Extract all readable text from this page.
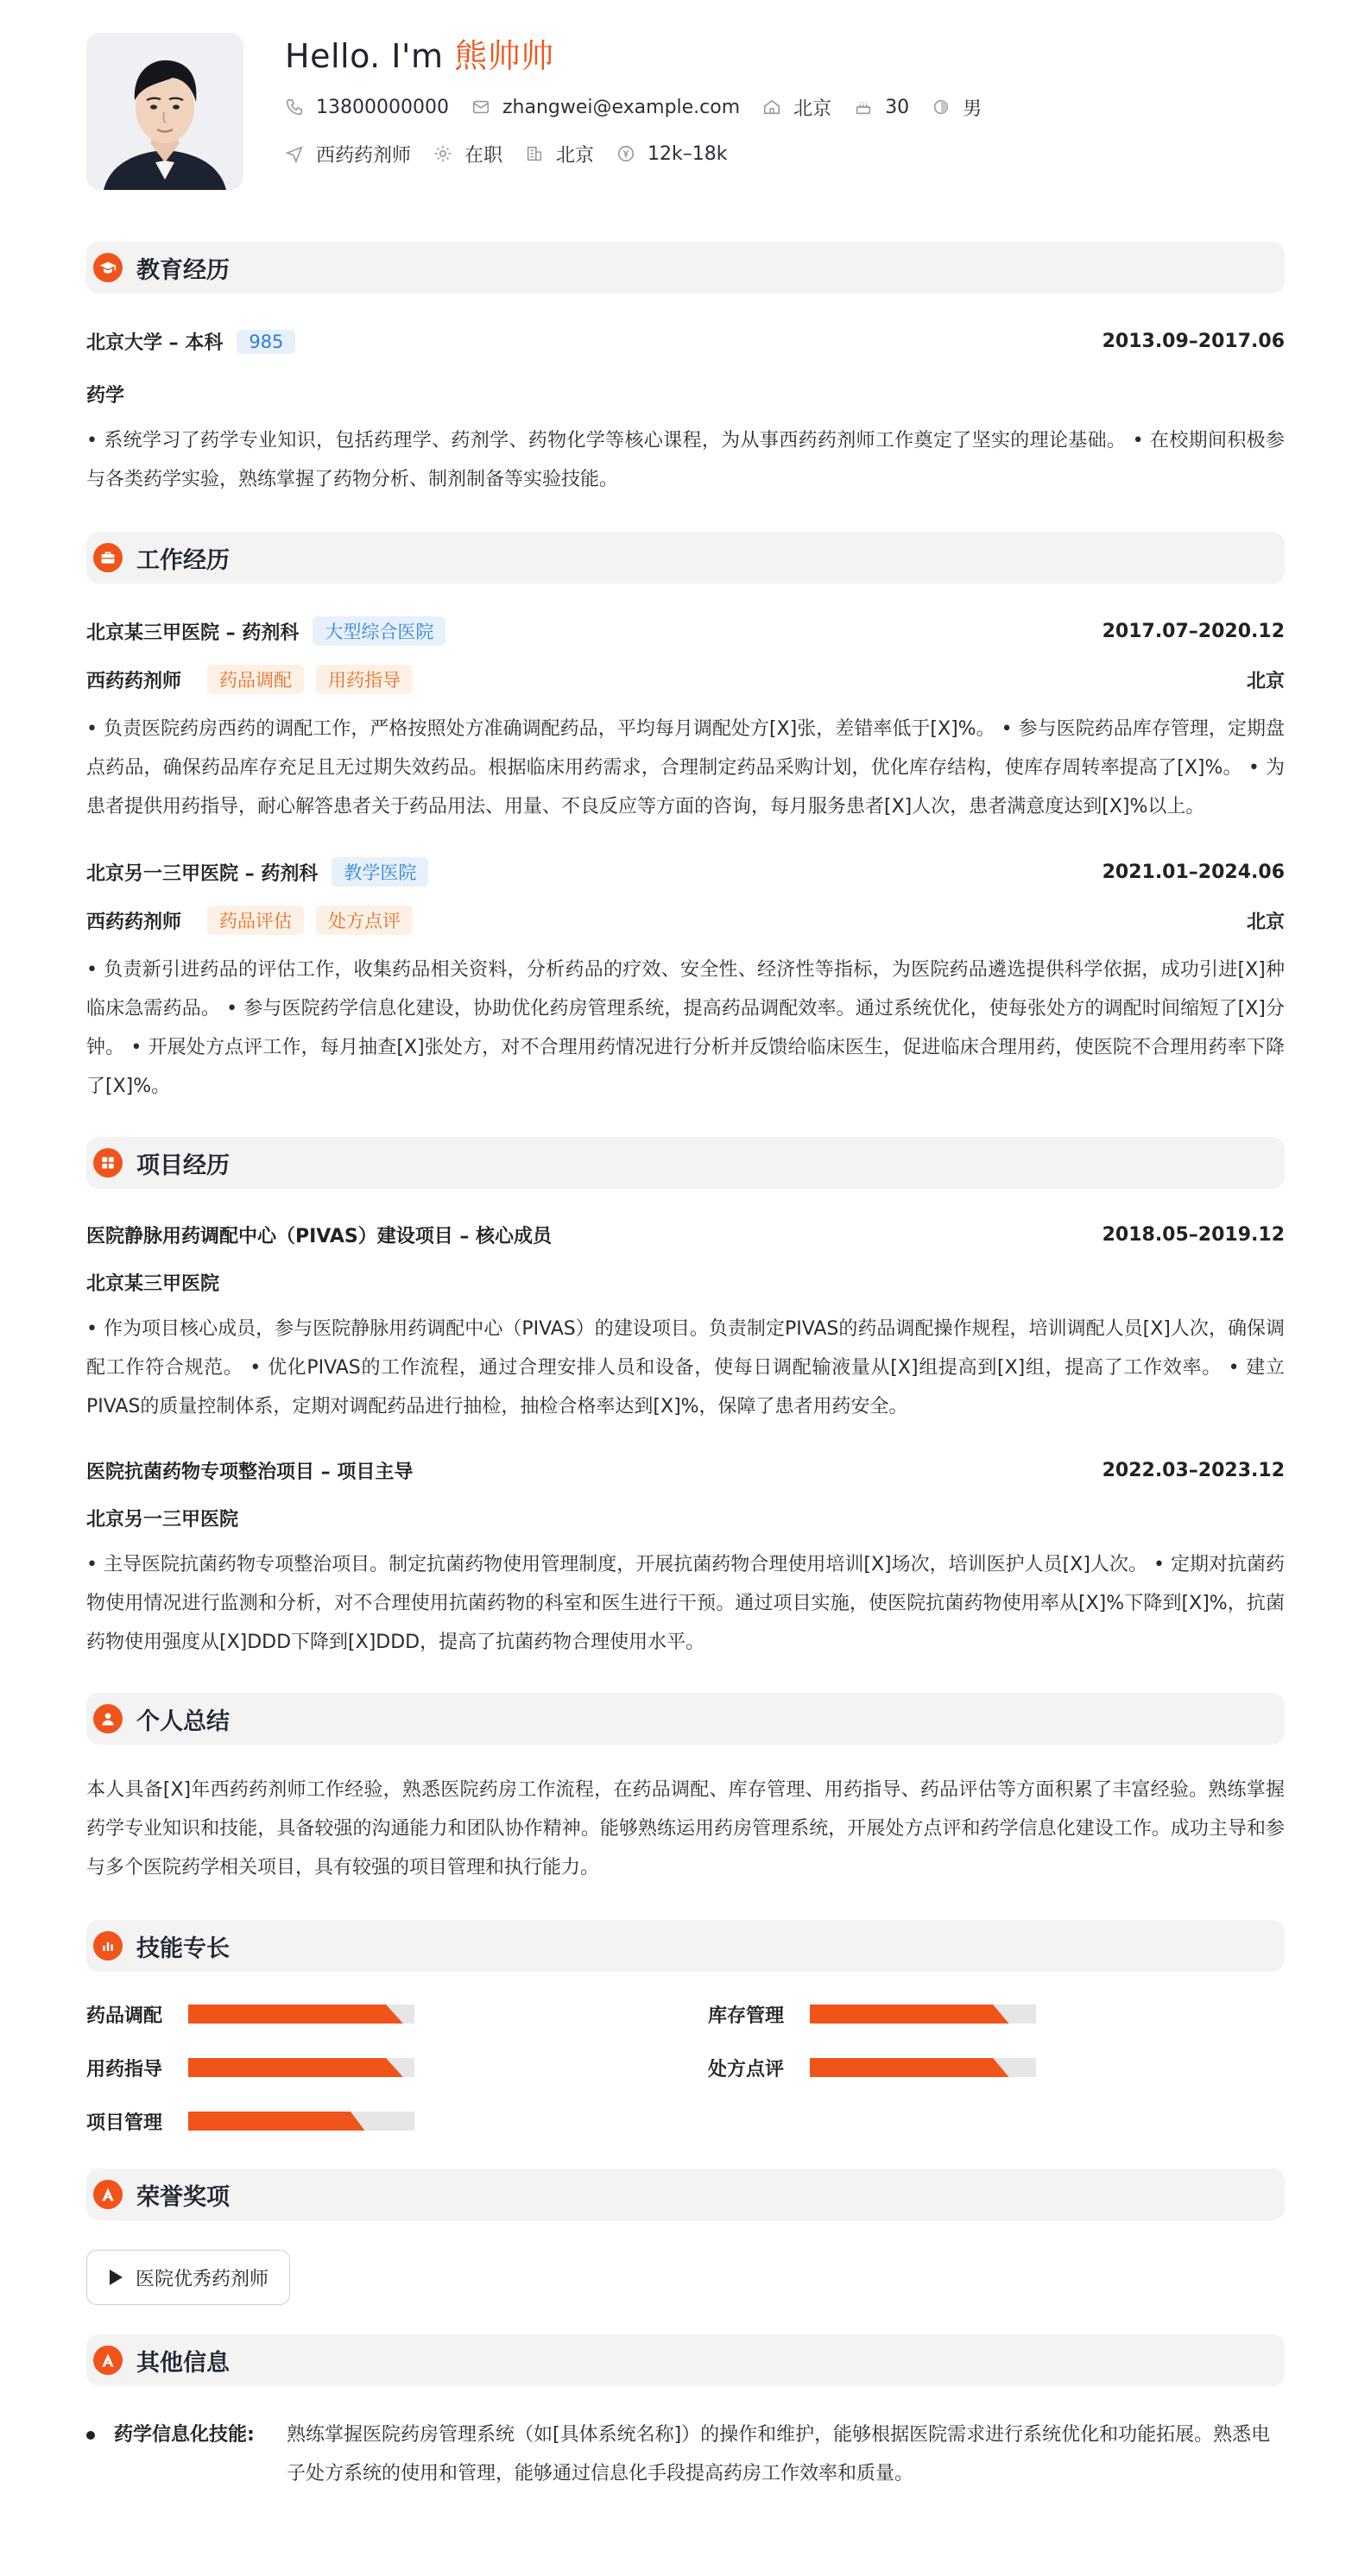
Hello. I'm 熊帅帅
13800000000	zhangwei@example.com	北京	30	男
西药药剂师	在职	北京	12k–18k
教育经历
北京大学 – 本科	985	2013.09–2017.06
药学
• 系统学习了药学专业知识，包括药理学、药剂学、药物化学等核心课程，为从事西药药剂师工作奠定了坚实的理论基础。 • 在校期间积极参与各类药学实验，熟练掌握了药物分析、制剂制备等实验技能。
工作经历
北京某三甲医院 – 药剂科	大型综合医院	2017.07–2020.12
西药药剂师	药品调配	用药指导	北京
• 负责医院药房西药的调配工作，严格按照处方准确调配药品，平均每月调配处方[X]张，差错率低于[X]%。 • 参与医院药品库存管理，定期盘点药品，确保药品库存充足且无过期失效药品。根据临床用药需求，合理制定药品采购计划，优化库存结构，使库存周转率提高了[X]%。 • 为患者提供用药指导，耐心解答患者关于药品用法、用量、不良反应等方面的咨询，每月服务患者[X]人次，患者满意度达到[X]%以上。
北京另一三甲医院 – 药剂科	教学医院	2021.01–2024.06
西药药剂师	药品评估	处方点评	北京
• 负责新引进药品的评估工作，收集药品相关资料，分析药品的疗效、安全性、经济性等指标，为医院药品遴选提供科学依据，成功引进[X]种临床急需药品。 • 参与医院药学信息化建设，协助优化药房管理系统，提高药品调配效率。通过系统优化，使每张处方的调配时间缩短了[X]分钟。 • 开展处方点评工作，每月抽查[X]张处方，对不合理用药情况进行分析并反馈给临床医生，促进临床合理用药，使医院不合理用药率下降了[X]%。
项目经历
医院静脉用药调配中心（PIVAS）建设项目 – 核心成员	2018.05–2019.12
北京某三甲医院
• 作为项目核心成员，参与医院静脉用药调配中心（PIVAS）的建设项目。负责制定PIVAS的药品调配操作规程，培训调配人员[X]人次，确保调配工作符合规范。 • 优化PIVAS的工作流程，通过合理安排人员和设备，使每日调配输液量从[X]组提高到[X]组，提高了工作效率。 • 建立PIVAS的质量控制体系，定期对调配药品进行抽检，抽检合格率达到[X]%，保障了患者用药安全。
医院抗菌药物专项整治项目 – 项目主导	2022.03–2023.12
北京另一三甲医院
• 主导医院抗菌药物专项整治项目。制定抗菌药物使用管理制度，开展抗菌药物合理使用培训[X]场次，培训医护人员[X]人次。 • 定期对抗菌药物使用情况进行监测和分析，对不合理使用抗菌药物的科室和医生进行干预。通过项目实施，使医院抗菌药物使用率从[X]%下降到[X]%，抗菌药物使用强度从[X]DDD下降到[X]DDD，提高了抗菌药物合理使用水平。
个人总结
本人具备[X]年西药药剂师工作经验，熟悉医院药房工作流程，在药品调配、库存管理、用药指导、药品评估等方面积累了丰富经验。熟练掌握药学专业知识和技能，具备较强的沟通能力和团队协作精神。能够熟练运用药房管理系统，开展处方点评和药学信息化建设工作。成功主导和参与多个医院药学相关项目，具有较强的项目管理和执行能力。
技能专长
药品调配	库存管理
用药指导	处方点评
项目管理
荣誉奖项
医院优秀药剂师
其他信息
药学信息化技能:	熟练掌握医院药房管理系统（如[具体系统名称]）的操作和维护，能够根据医院需求进行系统优化和功能拓展。熟悉电子处方系统的使用和管理，能够通过信息化手段提高药房工作效率和质量。
